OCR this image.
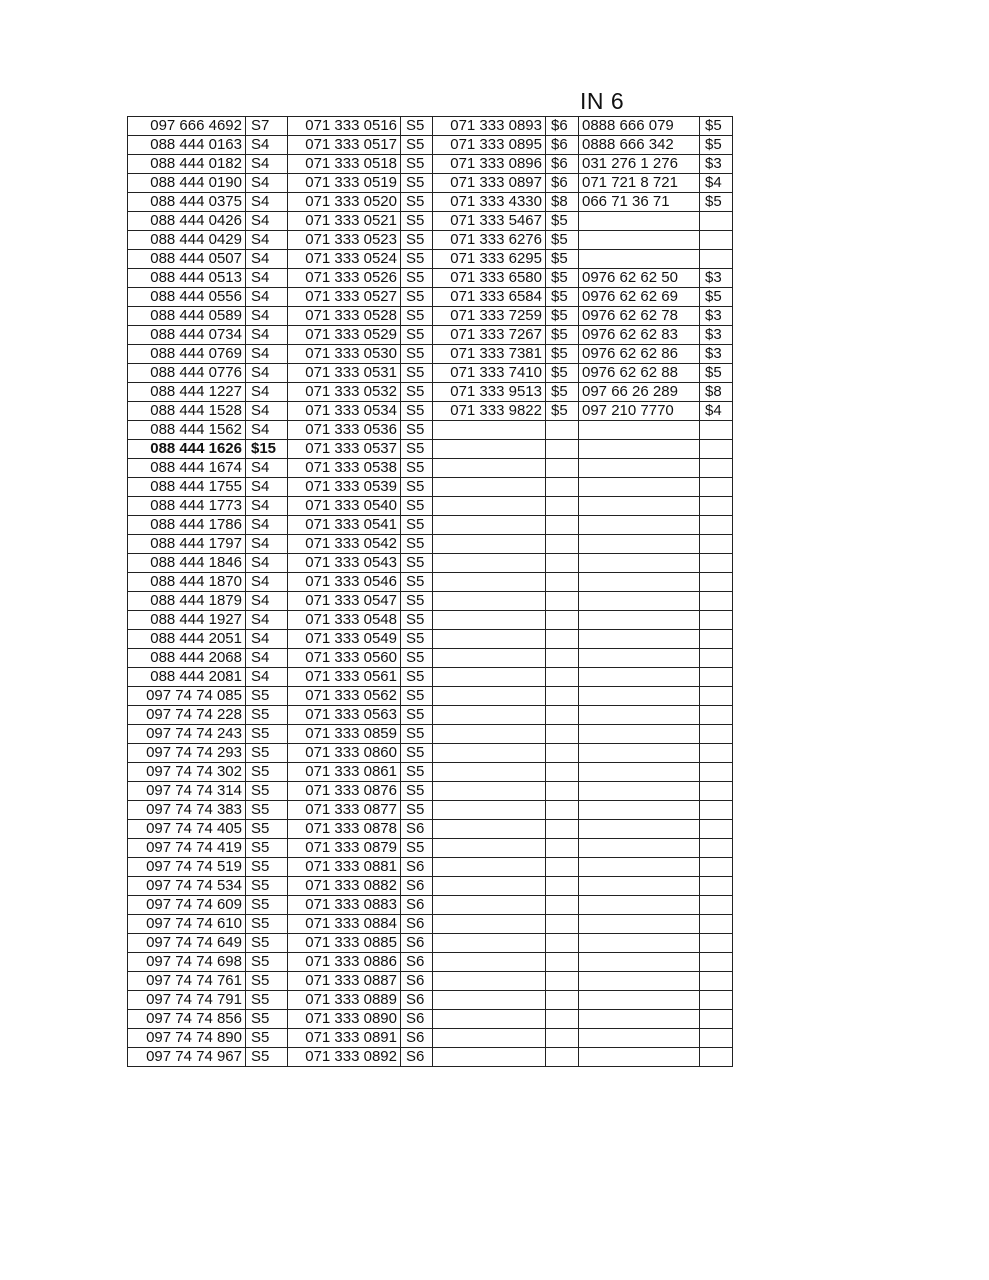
IN 6
097 666 4692	S7	071 333 0516	S5	071 333 0893	$6	0888 666 079	$5
088 444 0163	S4	071 333 0517	S5	071 333 0895	$6	0888 666 342	$5
088 444 0182	S4	071 333 0518	S5	071 333 0896	$6	031 276 1 276	$3
088 444 0190	S4	071 333 0519	S5	071 333 0897	$6	071 721 8 721	$4
088 444 0375	S4	071 333 0520	S5	071 333 4330	$8	066 71 36 71	$5
088 444 0426	S4	071 333 0521	S5	071 333 5467	$5		
088 444 0429	S4	071 333 0523	S5	071 333 6276	$5		
088 444 0507	S4	071 333 0524	S5	071 333 6295	$5		
088 444 0513	S4	071 333 0526	S5	071 333 6580	$5	0976 62 62 50	$3
088 444 0556	S4	071 333 0527	S5	071 333 6584	$5	0976 62 62 69	$5
088 444 0589	S4	071 333 0528	S5	071 333 7259	$5	0976 62 62 78	$3
088 444 0734	S4	071 333 0529	S5	071 333 7267	$5	0976 62 62 83	$3
088 444 0769	S4	071 333 0530	S5	071 333 7381	$5	0976 62 62 86	$3
088 444 0776	S4	071 333 0531	S5	071 333 7410	$5	0976 62 62 88	$5
088 444 1227	S4	071 333 0532	S5	071 333 9513	$5	097 66 26 289	$8
088 444 1528	S4	071 333 0534	S5	071 333 9822	$5	097 210 7770	$4
088 444 1562	S4	071 333 0536	S5				
088 444 1626	$15	071 333 0537	S5				
088 444 1674	S4	071 333 0538	S5				
088 444 1755	S4	071 333 0539	S5				
088 444 1773	S4	071 333 0540	S5				
088 444 1786	S4	071 333 0541	S5				
088 444 1797	S4	071 333 0542	S5				
088 444 1846	S4	071 333 0543	S5				
088 444 1870	S4	071 333 0546	S5				
088 444 1879	S4	071 333 0547	S5				
088 444 1927	S4	071 333 0548	S5				
088 444 2051	S4	071 333 0549	S5				
088 444 2068	S4	071 333 0560	S5				
088 444 2081	S4	071 333 0561	S5				
097 74 74 085	S5	071 333 0562	S5				
097 74 74 228	S5	071 333 0563	S5				
097 74 74 243	S5	071 333 0859	S5				
097 74 74 293	S5	071 333 0860	S5				
097 74 74 302	S5	071 333 0861	S5				
097 74 74 314	S5	071 333 0876	S5				
097 74 74 383	S5	071 333 0877	S5				
097 74 74 405	S5	071 333 0878	S6				
097 74 74 419	S5	071 333 0879	S5				
097 74 74 519	S5	071 333 0881	S6				
097 74 74 534	S5	071 333 0882	S6				
097 74 74 609	S5	071 333 0883	S6				
097 74 74 610	S5	071 333 0884	S6				
097 74 74 649	S5	071 333 0885	S6				
097 74 74 698	S5	071 333 0886	S6				
097 74 74 761	S5	071 333 0887	S6				
097 74 74 791	S5	071 333 0889	S6				
097 74 74 856	S5	071 333 0890	S6				
097 74 74 890	S5	071 333 0891	S6				
097 74 74 967	S5	071 333 0892	S6				
